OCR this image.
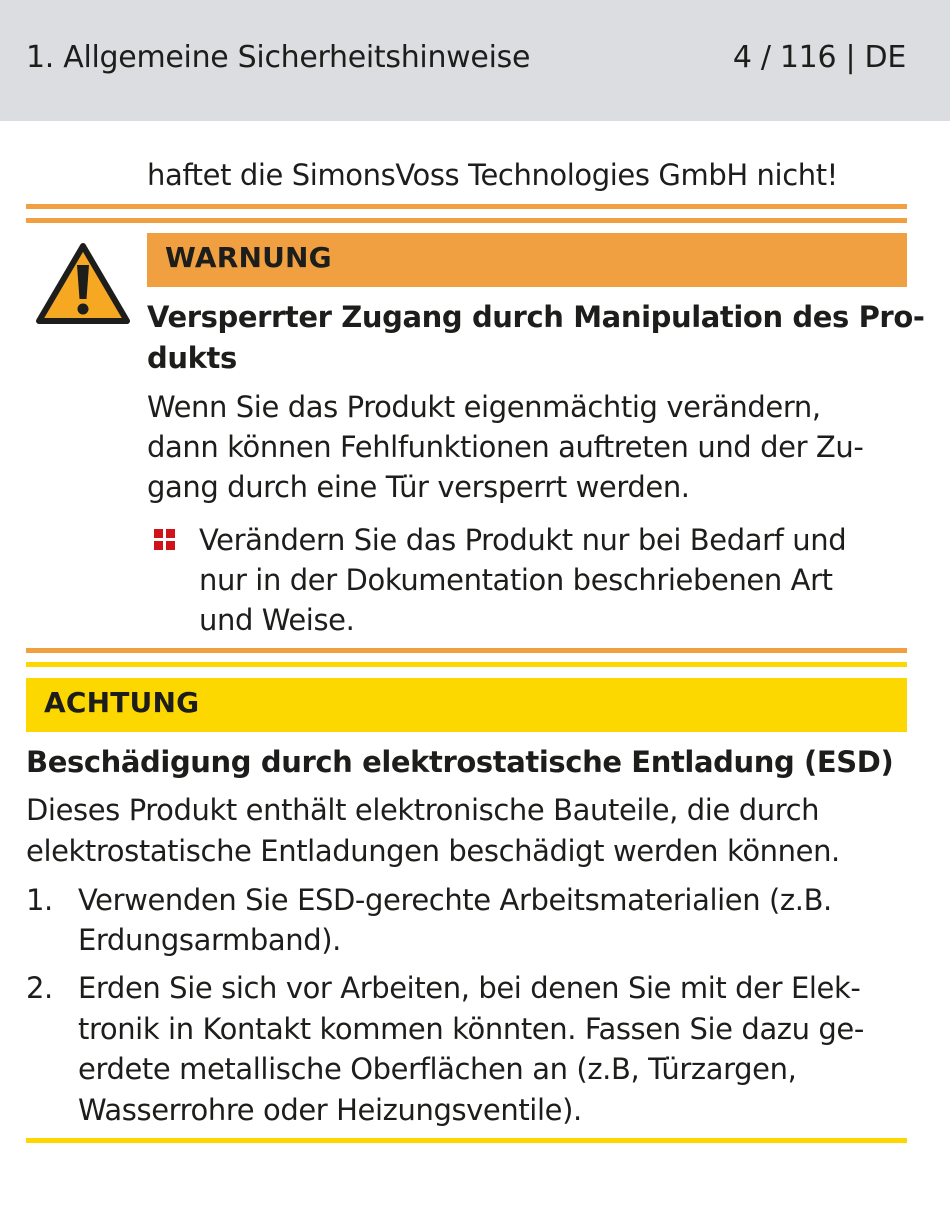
1. Allgemeine Sicherheitshinweise	4 / 116 | DE
haftet die SimonsVoss Technologies GmbH nicht!
WARNUNG
Versperrter Zugang durch Manipulation des Pro-
dukts
Wenn Sie das Produkt eigenmächtig verändern,
dann können Fehlfunktionen auftreten und der Zu-
gang durch eine Tür versperrt werden.
Verändern Sie das Produkt nur bei Bedarf und
nur in der Dokumentation beschriebenen Art
und Weise.
ACHTUNG
Beschädigung durch elektrostatische Entladung (ESD)
Dieses Produkt enthält elektronische Bauteile, die durch
elektrostatische Entladungen beschädigt werden können.
1. Verwenden Sie ESD-gerechte Arbeitsmaterialien (z.B.
Erdungsarmband).
2. Erden Sie sich vor Arbeiten, bei denen Sie mit der Elek-
tronik in Kontakt kommen könnten. Fassen Sie dazu ge-
erdete metallische Oberflächen an (z.B, Türzargen,
Wasserrohre oder Heizungsventile).
